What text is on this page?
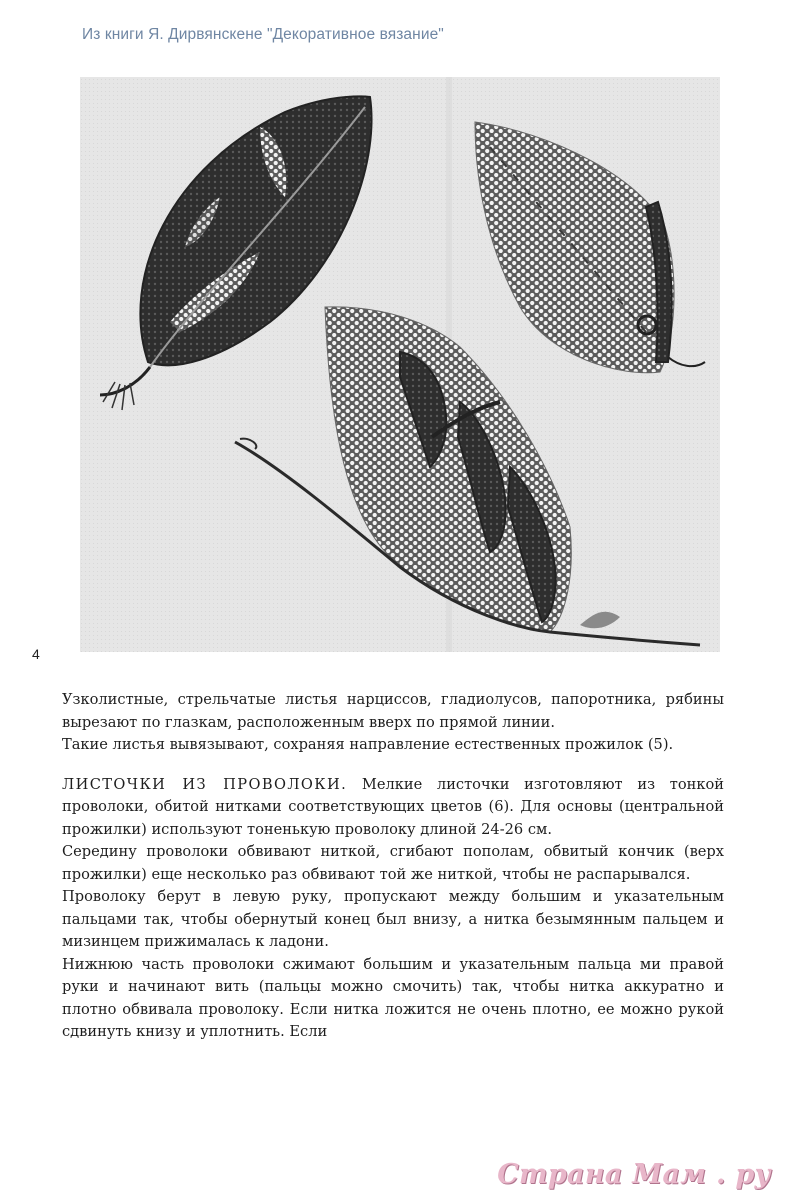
Из книги Я. Дирвянскене "Декоративное вязание"
4

Узколистные, стрельчатые листья нарциссов, гладиолусов, папоротника, рябины вырезают по глазкам, расположенным вверх по прямой линии.

Такие листья вывязывают, сохраняя направление естественных прожилок (5).

ЛИСТОЧКИ ИЗ ПРОВОЛОКИ. Мелкие листочки изготовляют из тонкой проволоки, обитой нитками соответствующих цветов (6). Для основы (центральной прожилки) используют тоненькую проволоку длиной 24-26 см.

Середину проволоки обвивают ниткой, сгибают пополам, обвитый кончик (верх прожилки) еще несколько раз обвивают той же ниткой, чтобы не распарывался.

Проволоку берут в левую руку, пропускают между большим и указательным пальцами так, чтобы обернутый конец был внизу, а нитка безымянным пальцем и мизинцем прижималась к ладони.

Нижнюю часть проволоки сжимают большим и указательным пальца ми правой руки и начинают вить (пальцы можно смочить) так, чтобы нитка аккуратно и плотно обвивала проволоку. Если нитка ложится не очень плотно, ее можно рукой сдвинуть книзу и уплотнить. Если

Страна Мам . ру
